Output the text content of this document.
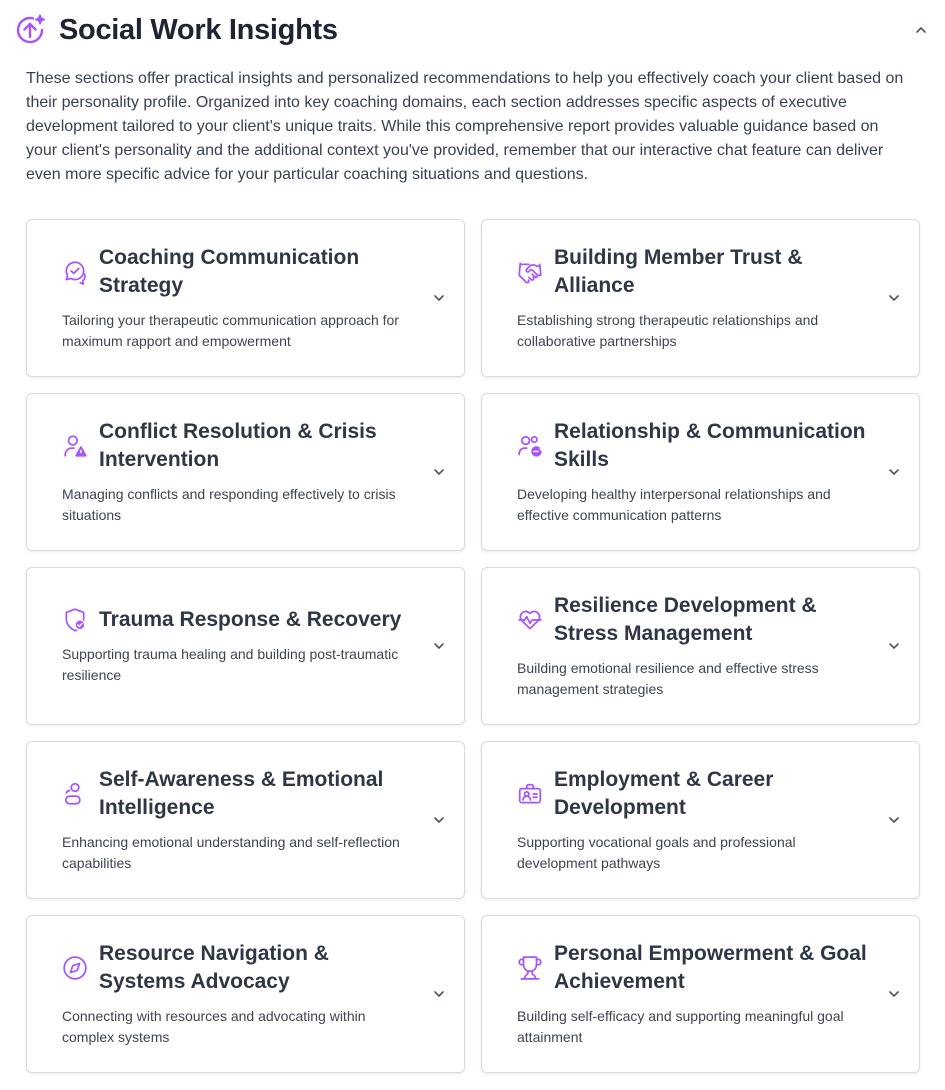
Social Work Insights

These sections offer practical insights and personalized recommendations to help you effectively coach your client based on their personality profile. Organized into key coaching domains, each section addresses specific aspects of executive development tailored to your client's unique traits. While this comprehensive report provides valuable guidance based on your client's personality and the additional context you've provided, remember that our interactive chat feature can deliver even more specific advice for your particular coaching situations and questions.

Coaching Communication Strategy
Tailoring your therapeutic communication approach for maximum rapport and empowerment
Building Member Trust & Alliance
Establishing strong therapeutic relationships and collaborative partnerships
Conflict Resolution & Crisis Intervention
Managing conflicts and responding effectively to crisis situations
Relationship & Communication Skills
Developing healthy interpersonal relationships and effective communication patterns
Trauma Response & Recovery
Supporting trauma healing and building post-traumatic resilience
Resilience Development & Stress Management
Building emotional resilience and effective stress management strategies
Self-Awareness & Emotional Intelligence
Enhancing emotional understanding and self-reflection capabilities
Employment & Career Development
Supporting vocational goals and professional development pathways
Resource Navigation & Systems Advocacy
Connecting with resources and advocating within complex systems
Personal Empowerment & Goal Achievement
Building self-efficacy and supporting meaningful goal attainment
